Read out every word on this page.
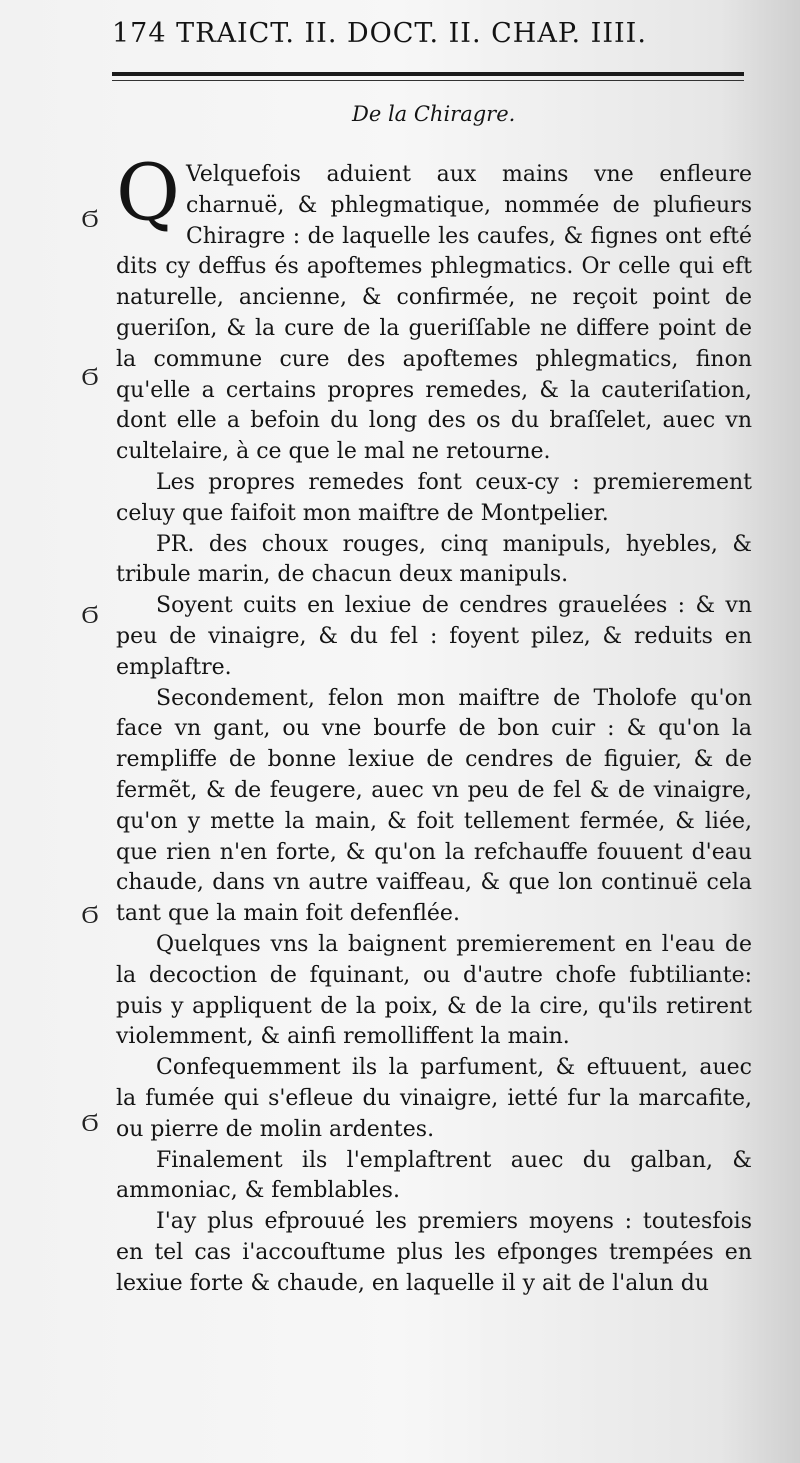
174 TRAICT. II. DOCT. II. CHAP. IIII.
De la Chiragre.
Ϭ
Ϭ
Ϭ
Ϭ
Ϭ

Q Velquefois aduient aux mains vne enfleure charnuë, & phlegmatique, nommée de plufieurs Chiragre : de laquelle les caufes, & fignes ont efté dits cy deffus és apoftemes phlegmatics. Or celle qui eft naturelle, ancienne, & confirmée, ne reçoit point de gueriſon, & la cure de la gueriſſable ne differe point de la commune cure des apoftemes phlegmatics, finon qu'elle a certains propres remedes, & la cauteriſation, dont elle a befoin du long des os du braſſelet, auec vn cultelaire, à ce que le mal ne retourne.

Les propres remedes font ceux-cy : premierement celuy que faifoit mon maiftre de Montpelier.

PR. des choux rouges, cinq manipuls, hyebles, & tribule marin, de chacun deux manipuls.

Soyent cuits en lexiue de cendres grauelées : & vn peu de vinaigre, & du fel : foyent pilez, & reduits en emplaftre.

Secondement, felon mon maiftre de Tholofe qu'on face vn gant, ou vne bourfe de bon cuir : & qu'on la rempliffe de bonne lexiue de cendres de figuier, & de fermẽt, & de feugere, auec vn peu de fel & de vinaigre, qu'on y mette la main, & foit tellement fermée, & liée, que rien n'en forte, & qu'on la refchauffe fouuent d'eau chaude, dans vn autre vaiffeau, & que lon continuë cela tant que la main foit defenflée.

Quelques vns la baignent premierement en l'eau de la decoction de fquinant, ou d'autre chofe fubtiliante: puis y appliquent de la poix, & de la cire, qu'ils retirent violemment, & ainfi remolliffent la main.

Confequemment ils la parfument, & eftuuent, auec la fumée qui s'efleue du vinaigre, ietté fur la marcafite, ou pierre de molin ardentes.

Finalement ils l'emplaftrent auec du galban, & ammoniac, & femblables.

I'ay plus efprouué les premiers moyens : toutesfois en tel cas i'accouftume plus les efponges trempées en lexiue forte & chaude, en laquelle il y ait de l'alun du
